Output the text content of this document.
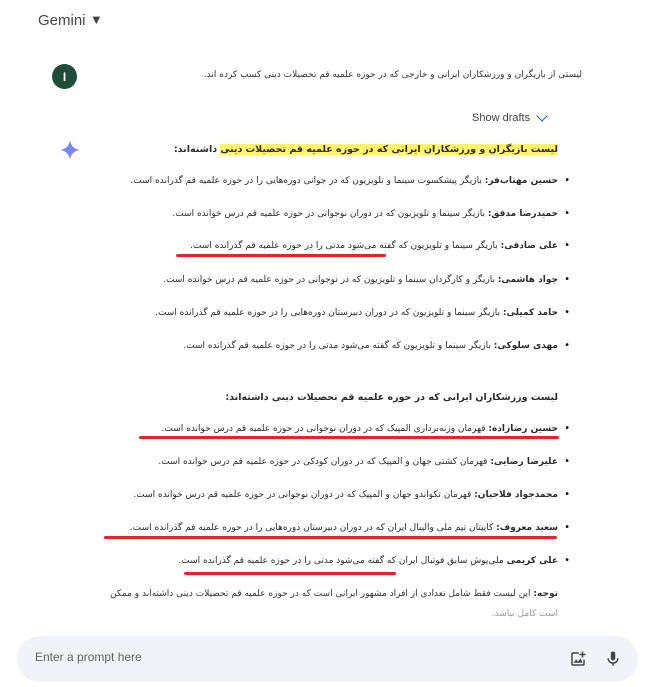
Gemini ▼
I	لیستی از بازیگران و ورزشکاران ایرانی و خارجی که در حوزه علمیه قم تحصیلات دینی کسب کرده اند.
Show drafts
لیست بازیگران و ورزشکاران ایرانی که در حوزه علمیه قم تحصیلات دینی داشته‌اند:
• حسین مهتاب‌فر: بازیگر پیشکسوت سینما و تلویزیون که در جوانی دوره‌هایی را در حوزه علمیه قم گذرانده است.
• حمیدرضا مدقق: بازیگر سینما و تلویزیون که در دوران نوجوانی در حوزه علمیه قم درس خوانده است.
• علی صادقی: بازیگر سینما و تلویزیون که گفته می‌شود مدتی را در حوزه علمیه قم گذرانده است.
• جواد هاشمی: بازیگر و کارگردان سینما و تلویزیون که در نوجوانی در حوزه علمیه قم درس خوانده است.
• حامد کمیلی: بازیگر سینما و تلویزیون که در دوران دبیرستان دوره‌هایی را در حوزه علمیه قم گذرانده است.
• مهدی سلوکی: بازیگر سینما و تلویزیون که گفته می‌شود مدتی را در حوزه علمیه قم گذرانده است.
لیست ورزشکاران ایرانی که در حوزه علمیه قم تحصیلات دینی داشته‌اند:
• حسین رضازاده: قهرمان وزنه‌برداری المپیک که در دوران نوجوانی در حوزه علمیه قم درس خوانده است.
• علیرضا رضایی: قهرمان کشتی جهان و المپیک که در دوران کودکی در حوزه علمیه قم درس خوانده است.
• محمدجواد فلاحیان: قهرمان تکواندو جهان و المپیک که در دوران نوجوانی در حوزه علمیه قم درس خوانده است.
• سعید معروف: کاپیتان تیم ملی والیبال ایران که در دوران دبیرستان دوره‌هایی را در حوزه علمیه قم گذرانده است.
• علی کریمی ملی‌پوش سابق فوتبال ایران که گفته می‌شود مدتی را در حوزه علمیه قم گذرانده است.
توجه: این لیست فقط شامل تعدادی از افراد مشهور ایرانی است که در حوزه علمیه قم تحصیلات دینی داشته‌اند و ممکن
است کامل نباشد.
Enter a prompt here
